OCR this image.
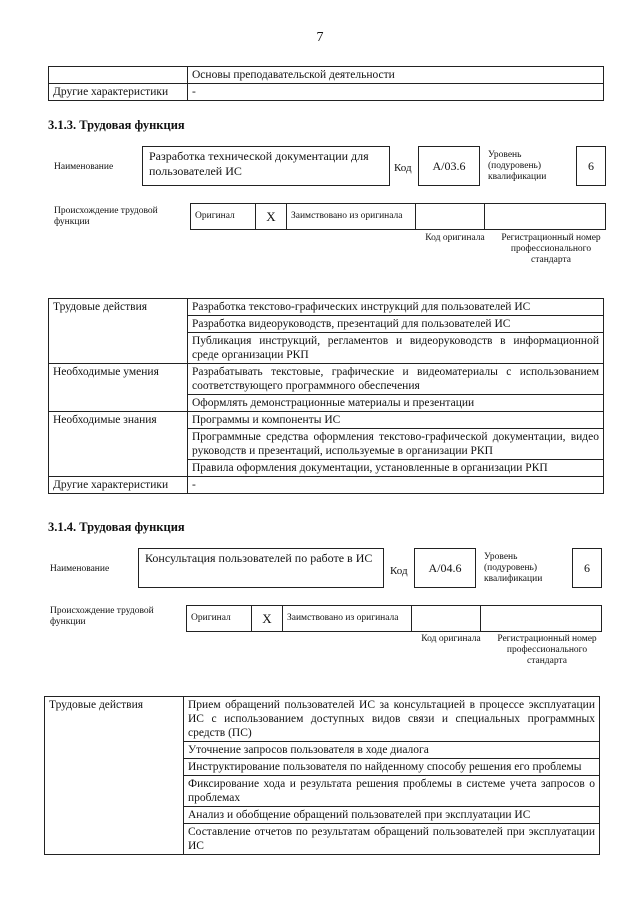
7
	Основы преподавательской деятельности
Другие характеристики	-
3.1.3. Трудовая функция
Наименование
Разработка технической документации для пользователей ИС	Код	А/03.6
Уровень (подуровень) квалификации
6
Происхождение трудовой функции
Оригинал	X	Заимствовано из оригинала		
Код оригинала	Регистрационный номер профессионального стандарта
Трудовые действия	Разработка текстово-графических инструкций для пользователей ИС
	Разработка видеоруководств, презентаций для пользователей ИС
	Публикация инструкций, регламентов и видеоруководств в информационной среде организации РКП
Необходимые умения	Разрабатывать текстовые, графические и видеоматериалы с использованием соответствующего программного обеспечения
	Оформлять демонстрационные материалы и презентации
Необходимые знания	Программы и компоненты ИС
	Программные средства оформления текстово-графической документации, видео руководств и презентаций, используемые в организации РКП
	Правила оформления документации, установленные в организации РКП
Другие характеристики	-
3.1.4. Трудовая функция
Наименование
Консультация пользователей по работе в ИС
Код	А/04.6
Уровень (подуровень) квалификации
6
Происхождение трудовой функции	Оригинал	X	Заимствовано из оригинала		
Код оригинала	Регистрационный номер профессионального стандарта
Трудовые действия	Прием обращений пользователей ИС за консультацией в процессе эксплуатации ИС с использованием доступных видов связи и специальных программных средств (ПС)
Уточнение запросов пользователя в ходе диалога
Инструктирование пользователя по найденному способу решения его проблемы
Фиксирование хода и результата решения проблемы в системе учета запросов о проблемах
Анализ и обобщение обращений пользователей при эксплуатации ИС
Составление отчетов по результатам обращений пользователей при эксплуатации ИС
